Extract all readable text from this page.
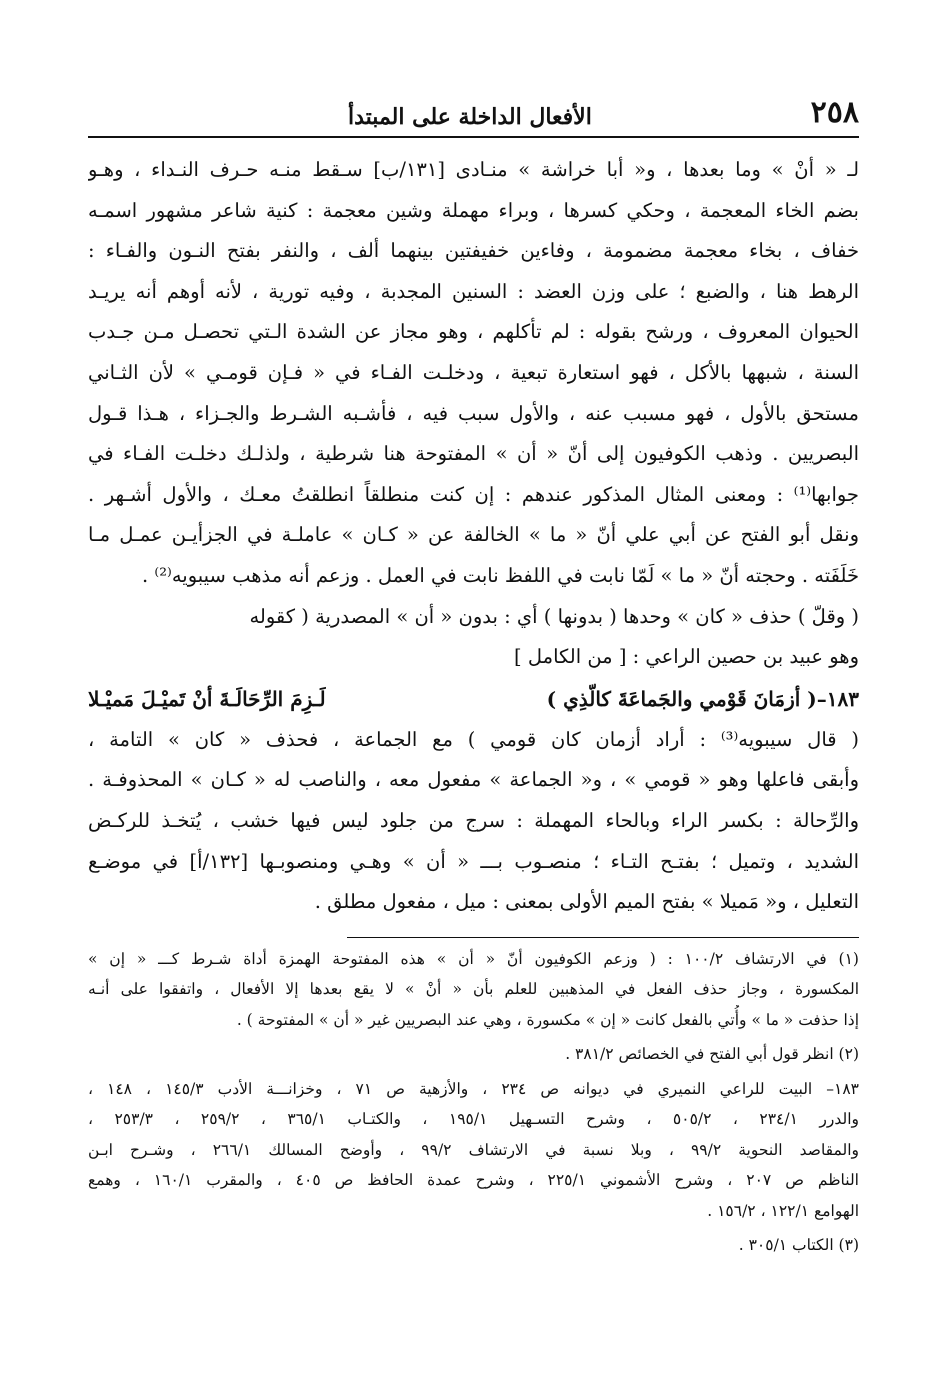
٢٥٨
الأفعال الداخلة على المبتدأ
لـ « أنْ » وما بعدها ، و« أبا خراشة » منـادى [١٣١/ب] سـقط منـه حـرف النـداء ، وهـو
بضم الخاء المعجمة ، وحكي كسرها ، وبراء مهملة وشين معجمة : كنية شاعر مشهور اسمـه
خفاف ، بخاء معجمة مضمومة ، وفاءين خفيفتين بينهما ألف ، والنفر بفتح النـون والفـاء :
الرهط هنا ، والضبع ؛ على وزن العضد : السنين المجدبة ، وفيه تورية ، لأنه أوهم أنه يريـد
الحيوان المعروف ، ورشح بقوله : لم تأكلهم ، وهو مجاز عن الشدة الـتي تحصـل مـن جـدب
السنة ، شبهها بالأكل ، فهو استعارة تبعية ، ودخلـت الفـاء في « فـإن قومـي » لأن الثـاني
مستحق بالأول ، فهو مسبب عنه ، والأول سبب فيه ، فأشـبه الشـرط والجـزاء ، هـذا قـول
البصريين . وذهب الكوفيون إلى أنّ « أن » المفتوحة هنا شرطية ، ولذلـك دخلـت الفـاء في
جوابها⁽¹⁾ : ومعنى المثال المذكور عندهم : إن كنت منطلقاً انطلقتُ معـك ، والأول أشـهر .
ونقل أبو الفتح عن أبي علي أنّ « ما » الخالفة عن « كـان » عاملـة في الجزأيـن عمـل مـا
خَلَفَته . وحجته أنّ « ما » لَمّا نابت في اللفظ نابت في العمل . وزعم أنه مذهب سيبويه⁽²⁾ .
( وقلّ ) حذف « كان » وحدها ( بدونها ) أي : بدون « أن » المصدرية ( كقوله
وهو عبيد بن حصين الراعي : [ من الكامل ]
١٨٣–( أزمَانَ قَوْمي والجَماعَةَ كالّذِي )
لَـزِمَ الرِّحَالَـةَ أنْ تَميْـلَ مَميْـلا
( قال سيبويه⁽³⁾ : أراد أزمان كان قومي ) مع الجماعة ، فحذف « كان » التامة ،
وأبقى فاعلها وهو « قومي » ، و« الجماعة » مفعول معه ، والناصب له « كـان » المحذوفـة .
والرِّحالة : بكسر الراء وبالحاء المهملة : سرج من جلود ليس فيها خشب ، يُتخـذ للركـض
الشديد ، وتميل ؛ بفتـح التـاء ؛ منصـوب بـــ « أن » وهـي ومنصوبـها [١٣٢/أ] في موضـع
التعليل ، و« مَميلا » بفتح الميم الأولى بمعنى : ميل ، مفعول مطلق .
(١) في الارتشاف ١٠٠/٢ : ( وزعم الكوفيون أنّ « أن » هذه المفتوحة الهمزة أداة شـرط كـــ « إن »
المكسورة ، وجاز حذف الفعل في المذهبين للعلم بأن « أنْ » لا يقع بعدها إلا الأفعال ، واتفقوا على أنـه
إذا حذفت « ما » وأُتي بالفعل كانت « إن » مكسورة ، وهي عند البصريين غير « أن » المفتوحة ) .
(٢) انظر قول أبي الفتح في الخصائص ٣٨١/٢ .
١٨٣– البيت للراعي النميري في ديوانه ص ٢٣٤ ، والأزهية ص ٧١ ، وخزانـــة الأدب ١٤٥/٣ ، ١٤٨ ،
والدرر ٢٣٤/١ ، ٥٠٥/٢ ، وشرح التسـهيل ١٩٥/١ ، والكتـاب ٣٦٥/١ ، ٢٥٩/٢ ، ٢٥٣/٣ ،
والمقاصد النحوية ٩٩/٢ ، وبلا نسبة في الارتشاف ٩٩/٢ ، وأوضح المسالك ٢٦٦/١ ، وشـرح ابـن
الناظم ص ٢٠٧ ، وشرح الأشموني ٢٢٥/١ ، وشرح عمدة الحافظ ص ٤٠٥ ، والمقرب ١٦٠/١ ، وهمع
الهوامع ١٢٢/١ ، ١٥٦/٢ .
(٣) الكتاب ٣٠٥/١ .
